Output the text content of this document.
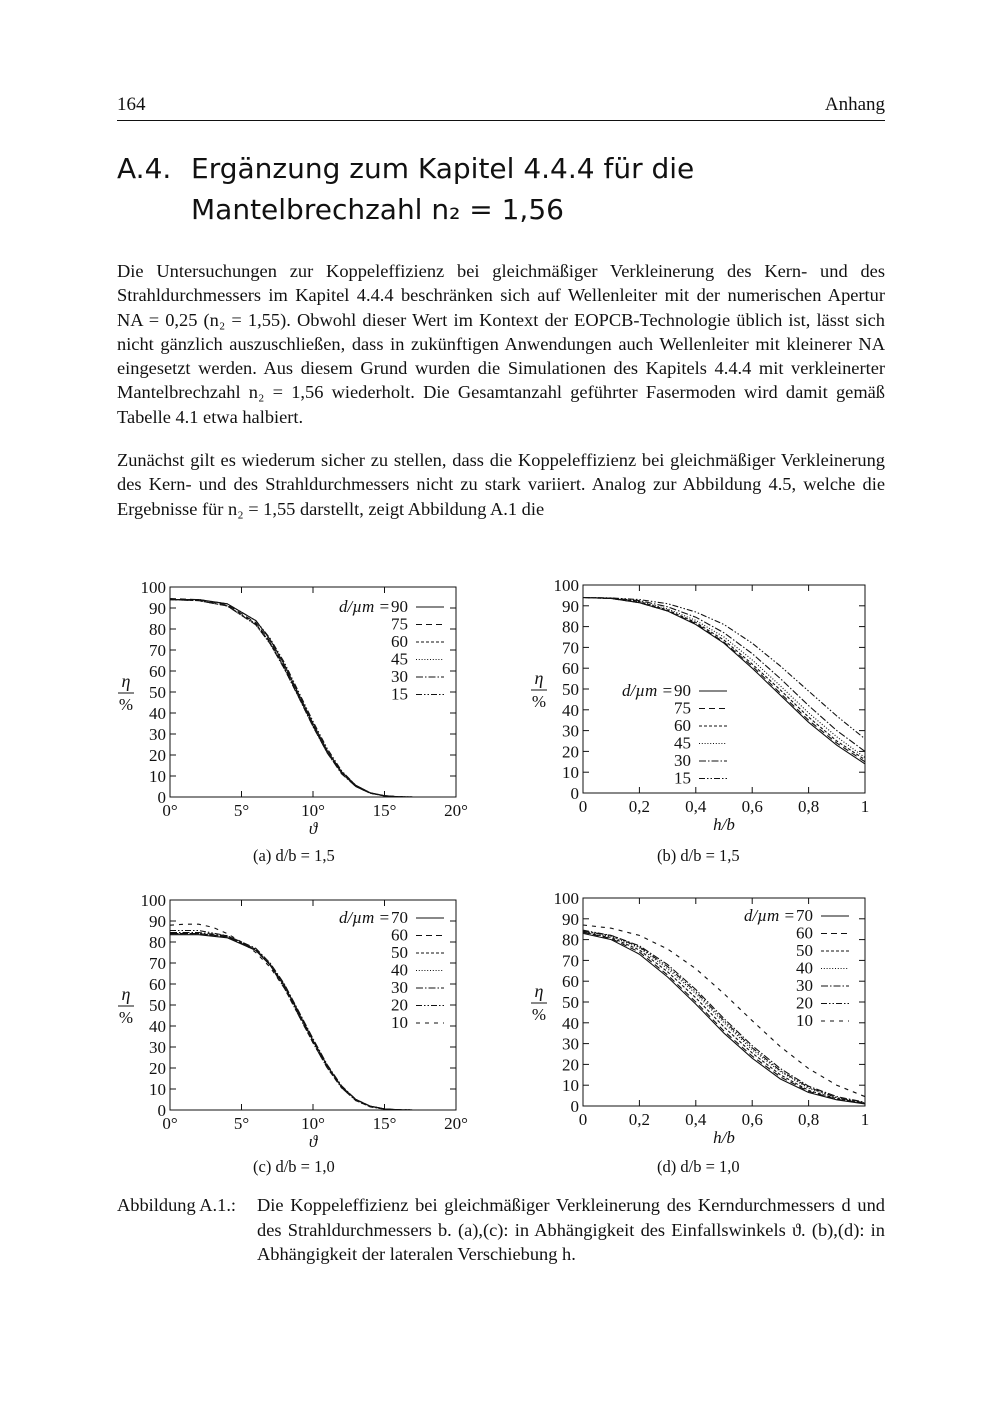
164	Anhang
A.4. Ergänzung zum Kapitel 4.4.4 für die
Mantelbrechzahl n₂ = 1,56

Die Untersuchungen zur Koppeleffizienz bei gleichmäßiger Verkleinerung des Kern- und des Strahldurchmessers im Kapitel 4.4.4 beschränken sich auf Wellenleiter mit der numerischen Apertur NA = 0,25 (n₂ = 1,55). Obwohl dieser Wert im Kontext der EOPCB-Technologie üblich ist, lässt sich nicht gänzlich auszuschließen, dass in zukünftigen Anwendungen auch Wellenleiter mit kleinerer NA eingesetzt werden. Aus diesem Grund wurden die Simulationen des Kapitels 4.4.4 mit verkleinerter Mantelbrechzahl n₂ = 1,56 wiederholt. Die Gesamtanzahl geführter Fasermoden wird damit gemäß Tabelle 4.1 etwa halbiert.

Zunächst gilt es wiederum sicher zu stellen, dass die Koppeleffizienz bei gleichmäßiger Verkleinerung des Kern- und des Strahldurchmessers nicht zu stark variiert. Analog zur Abbildung 4.5, welche die Ergebnisse für n₂ = 1,55 darstellt, zeigt Abbildung A.1 die

0
10
20
30
40
50
60
70
80
90
100
0°	5°	10°	15°	20°
ϑ
η
%
d/µm = 90
75
60
45
30
15
0
10
20
30
40
50
60
70
80
90
100
0 0,2 0,4 0,6 0,8 1
h/b
η
%
d/µm = 90
75
60
45
30
15
0
10
20
30
40
50
60
70
80
90
100
0°	5°	10°	15°	20°
ϑ
η
%
d/µm = 70
60
50
40
30
20
10
0
10
20
30
40
50
60
70
80
90
100
0 0,2 0,4 0,6 0,8 1
h/b
η
%
d/µm = 70
60
50
40
30
20
10
(a) d/b = 1,5	(b) d/b = 1,5
(c) d/b = 1,0	(d) d/b = 1,0
Abbildung A.1.: Die Koppeleffizienz bei gleichmäßiger Verkleinerung des Kerndurchmessers d und des Strahldurchmessers b. (a),(c): in Abhängigkeit des Einfallswinkels ϑ. (b),(d): in Abhängigkeit der lateralen Verschiebung h.
